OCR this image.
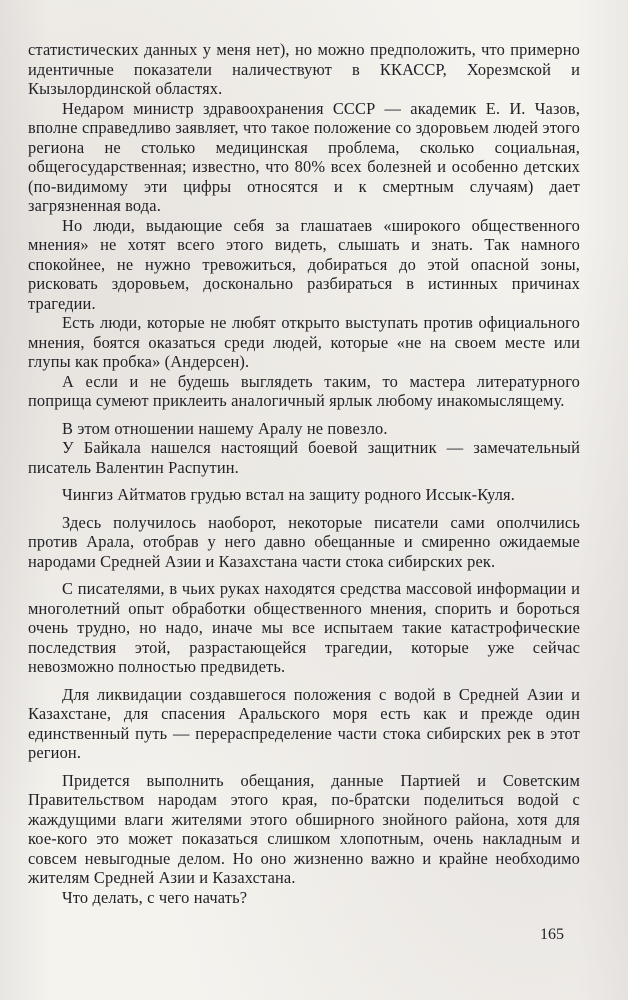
статистических данных у меня нет), но можно предположить, что примерно идентичные показатели наличествуют в ККАССР, Хорезмской и Кызылординской областях.

Недаром министр здравоохранения СССР — академик Е. И. Чазов, вполне справедливо заявляет, что такое положение со здоровьем людей этого региона не столько медицинская проблема, сколько социальная, общегосударственная; известно, что 80% всех болезней и особенно детских (по-видимому эти цифры относятся и к смертным случаям) дает загрязненная вода.

Но люди, выдающие себя за глашатаев «широкого общественного мнения» не хотят всего этого видеть, слышать и знать. Так намного спокойнее, не нужно тревожиться, добираться до этой опасной зоны, рисковать здоровьем, досконально разбираться в истинных причинах трагедии.

Есть люди, которые не любят открыто выступать против официального мнения, боятся оказаться среди людей, которые «не на своем месте или глупы как пробка» (Андерсен).

А если и не будешь выглядеть таким, то мастера литературного поприща сумеют приклеить аналогичный ярлык любому инакомыслящему.

В этом отношении нашему Аралу не повезло.

У Байкала нашелся настоящий боевой защитник — замечательный писатель Валентин Распутин.

Чингиз Айтматов грудью встал на защиту родного Иссык-Куля.

Здесь получилось наоборот, некоторые писатели сами ополчились против Арала, отобрав у него давно обещанные и смиренно ожидаемые народами Средней Азии и Казахстана части стока сибирских рек.

С писателями, в чьих руках находятся средства массовой информации и многолетний опыт обработки общественного мнения, спорить и бороться очень трудно, но надо, иначе мы все испытаем такие катастрофические последствия этой, разрастающейся трагедии, которые уже сейчас невозможно полностью предвидеть.

Для ликвидации создавшегося положения с водой в Средней Азии и Казахстане, для спасения Аральского моря есть как и прежде один единственный путь — перераспределение части стока сибирских рек в этот регион.

Придется выполнить обещания, данные Партией и Советским Правительством народам этого края, по-братски поделиться водой с жаждущими влаги жителями этого обширного знойного района, хотя для кое-кого это может показаться слишком хлопотным, очень накладным и совсем невыгодные делом. Но оно жизненно важно и крайне необходимо жителям Средней Азии и Казахстана.

Что делать, с чего начать?

165
